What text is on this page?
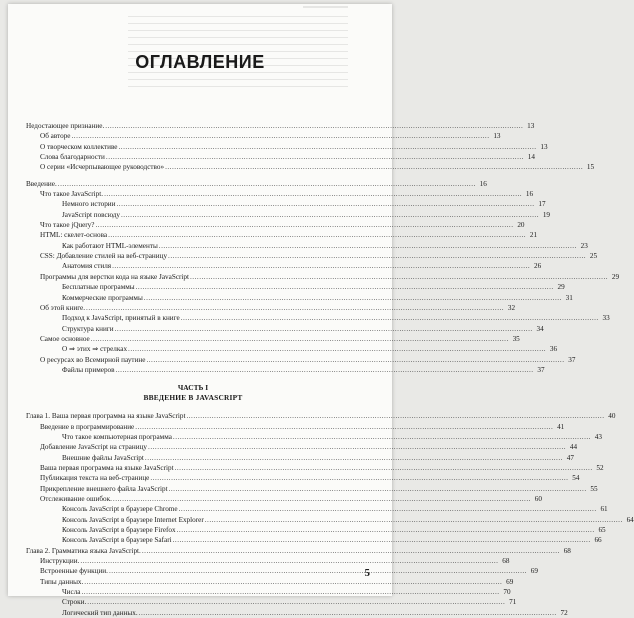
ОГЛАВЛЕНИЕ
Недостающее признание. .....	13
Об авторе .....	13
О творческом коллективе .....	13
Слова благодарности .....	14
О серии «Исчерпывающее руководство» .....	15
Введение. .....	16
Что такое JavaScript. .....	16
Немного истории .....	17
JavaScript повсюду .....	19
Что такое jQuery? .....	20
HTML: скелет-основа .....	21
Как работают HTML-элементы .....	23
CSS: Добавление стилей на веб-страницу .....	25
Анатомия стиля .....	26
Программы для верстки кода на языке JavaScript .....	29
Бесплатные программы .....	29
Коммерческие программы .....	31
Об этой книге. .....	32
Подход к JavaScript, принятый в книге .....	33
Структура книги .....	34
Самое основное .....	35
О ⇒ этих ⇒ стрелках .....	36
О ресурсах во Всемирной паутине .....	37
Файлы примеров .....	37
ЧАСТЬ I
ВВЕДЕНИЕ В JAVASCRIPT
Глава 1. Ваша первая программа на языке JavaScript .....	40
Введение в программирование .....	41
Что такое компьютерная программа .....	43
Добавление JavaScript на страницу .....	44
Внешние файлы JavaScript .....	47
Ваша первая программа на языке JavaScript .....	52
Публикация текста на веб-странице .....	54
Прикрепление внешнего файла JavaScript .....	55
Отслеживание ошибок. .....	60
Консоль JavaScript в браузере Chrome .....	61
Консоль JavaScript в браузере Internet Explorer .....	64
Консоль JavaScript в браузере Firefox .....	65
Консоль JavaScript в браузере Safari .....	66
Глава 2. Грамматика языка JavaScript. .....	68
Инструкции. .....	68
Встроенные функции. .....	69
Типы данных. .....	69
Числа .....	70
Строки. .....	71
Логический тип данных. .....	72
5
